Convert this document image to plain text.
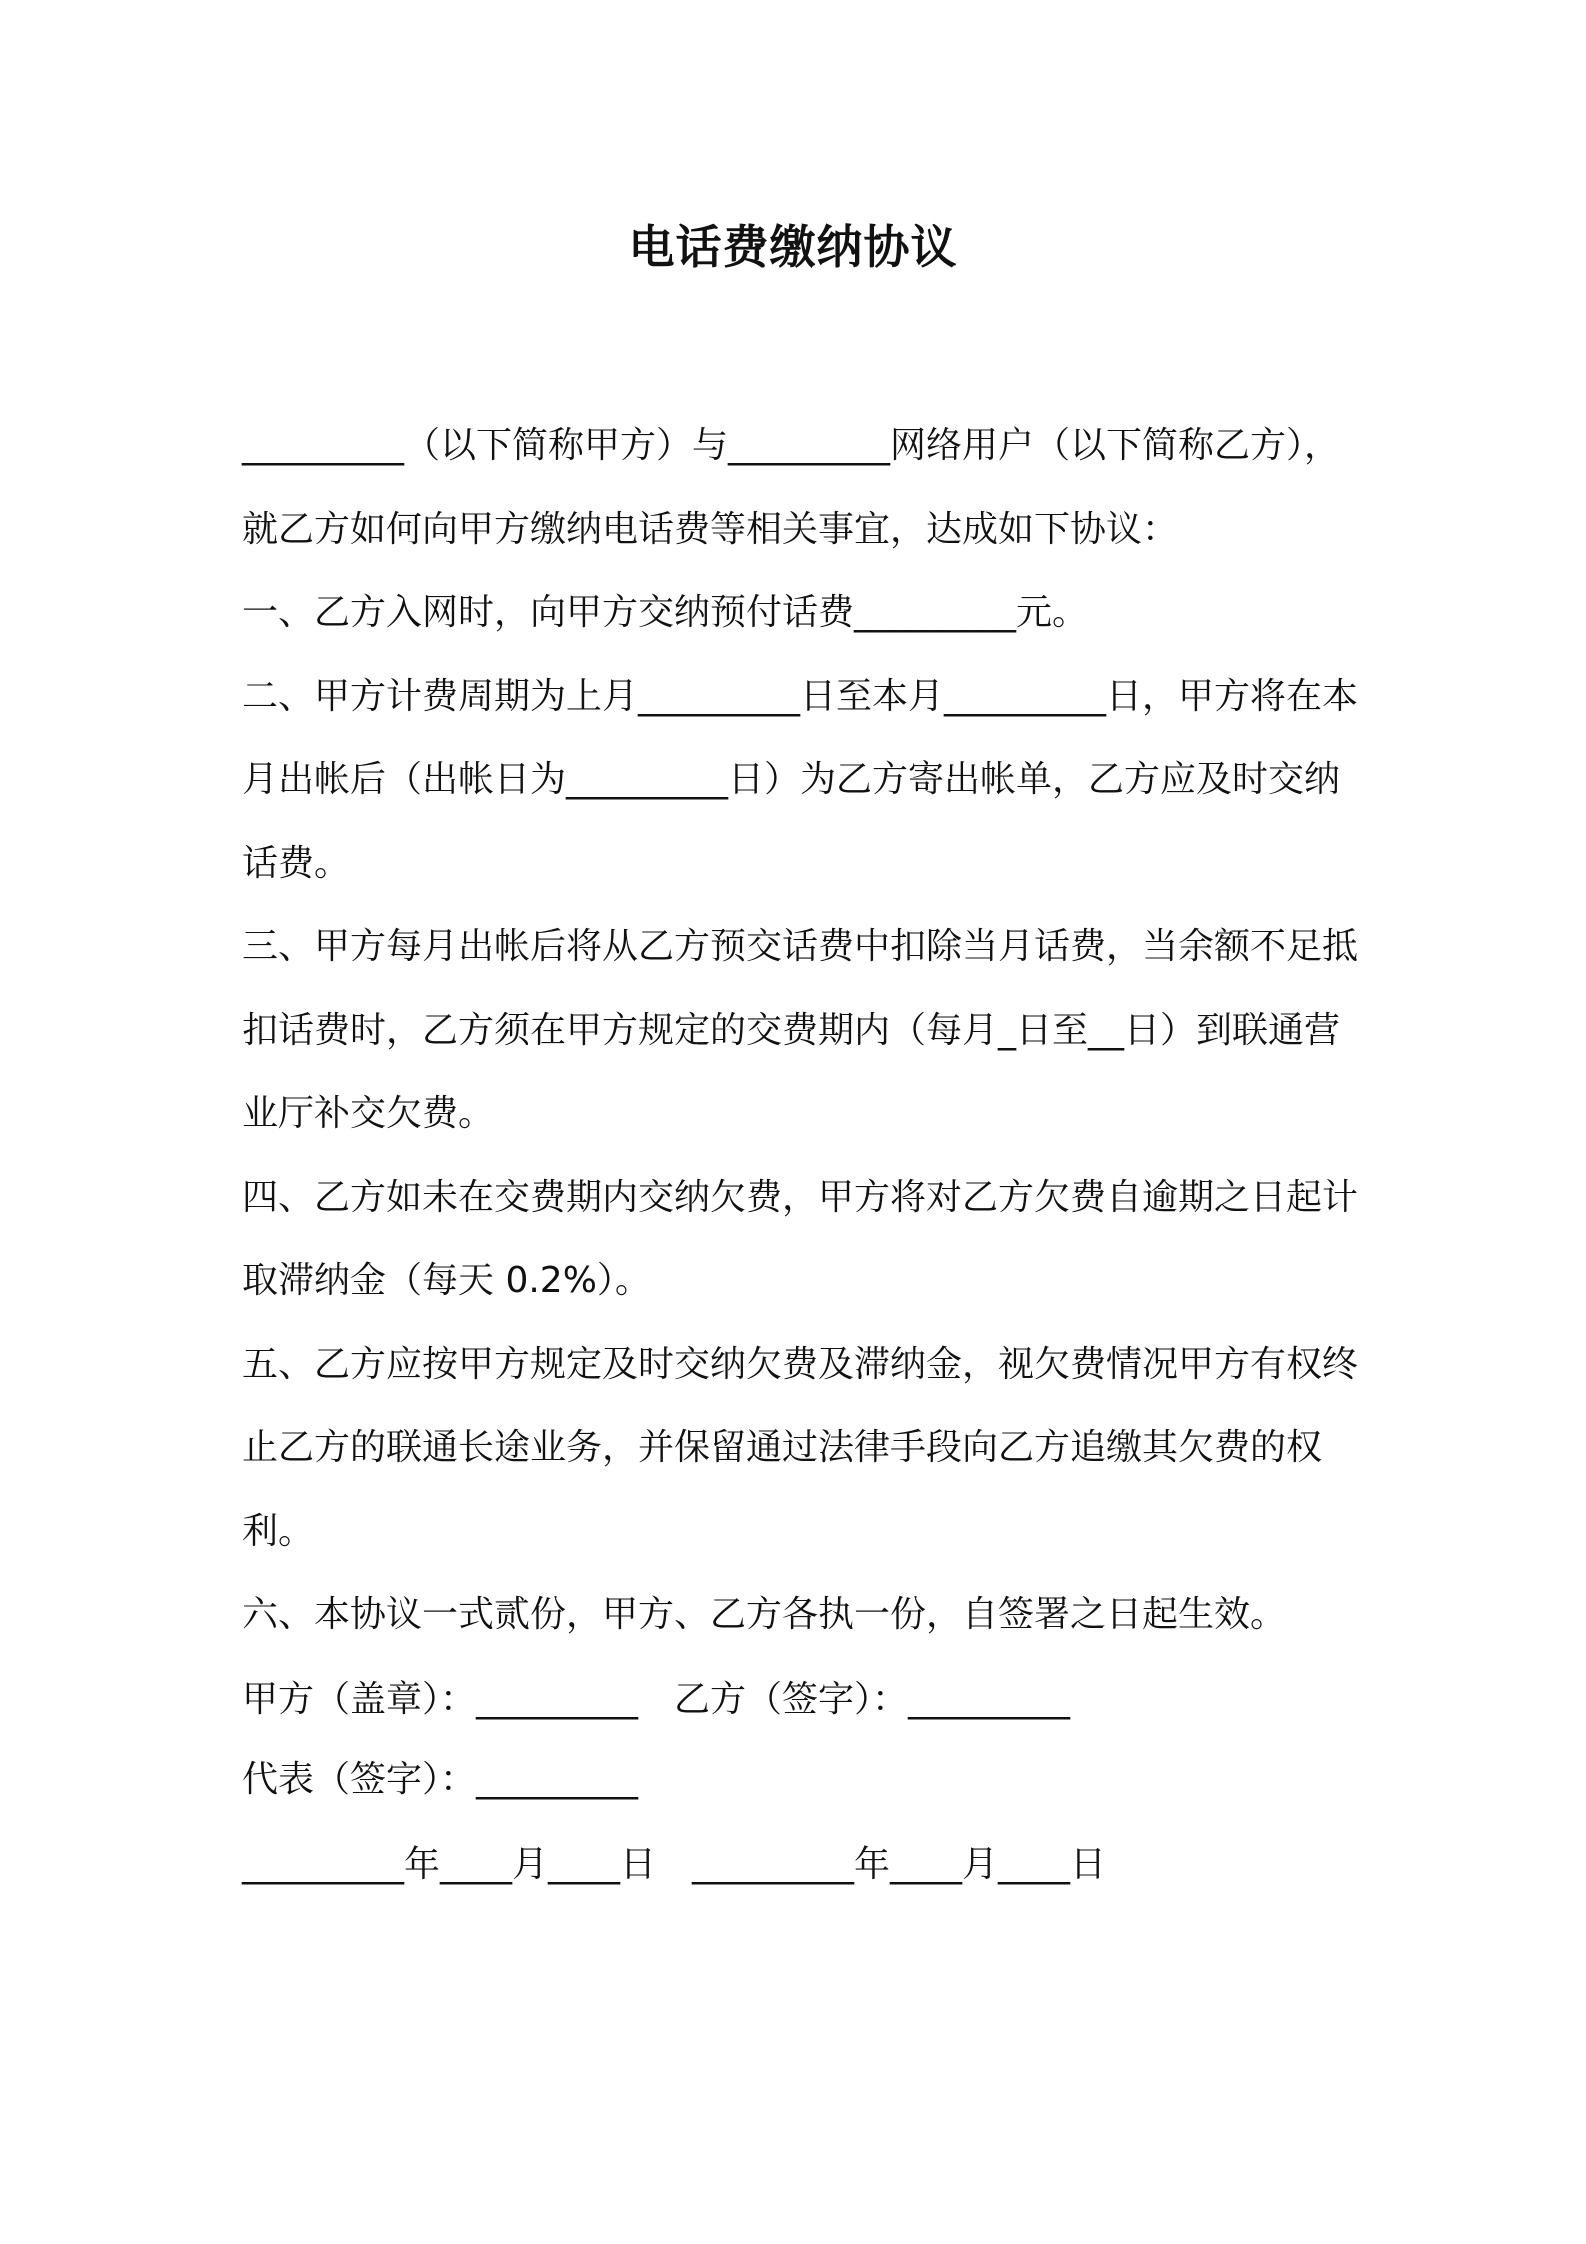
电话费缴纳协议

_________（以下简称甲方）与_________网络用户（以下简称乙方），就乙方如何向甲方缴纳电话费等相关事宜，达成如下协议：

一、乙方入网时，向甲方交纳预付话费_________元。

二、甲方计费周期为上月_________日至本月_________日，甲方将在本月出帐后（出帐日为_________日）为乙方寄出帐单，乙方应及时交纳话费。

三、甲方每月出帐后将从乙方预交话费中扣除当月话费，当余额不足抵扣话费时，乙方须在甲方规定的交费期内（每月_日至__日）到联通营业厅补交欠费。

四、乙方如未在交费期内交纳欠费，甲方将对乙方欠费自逾期之日起计取滞纳金（每天 0.2%）。

五、乙方应按甲方规定及时交纳欠费及滞纳金，视欠费情况甲方有权终止乙方的联通长途业务，并保留通过法律手段向乙方追缴其欠费的权利。

六、本协议一式贰份，甲方、乙方各执一份，自签署之日起生效。

甲方（盖章）：_________ 乙方（签字）：_________
代表（签字）：_________
_________年____月____日 _________年____月____日
